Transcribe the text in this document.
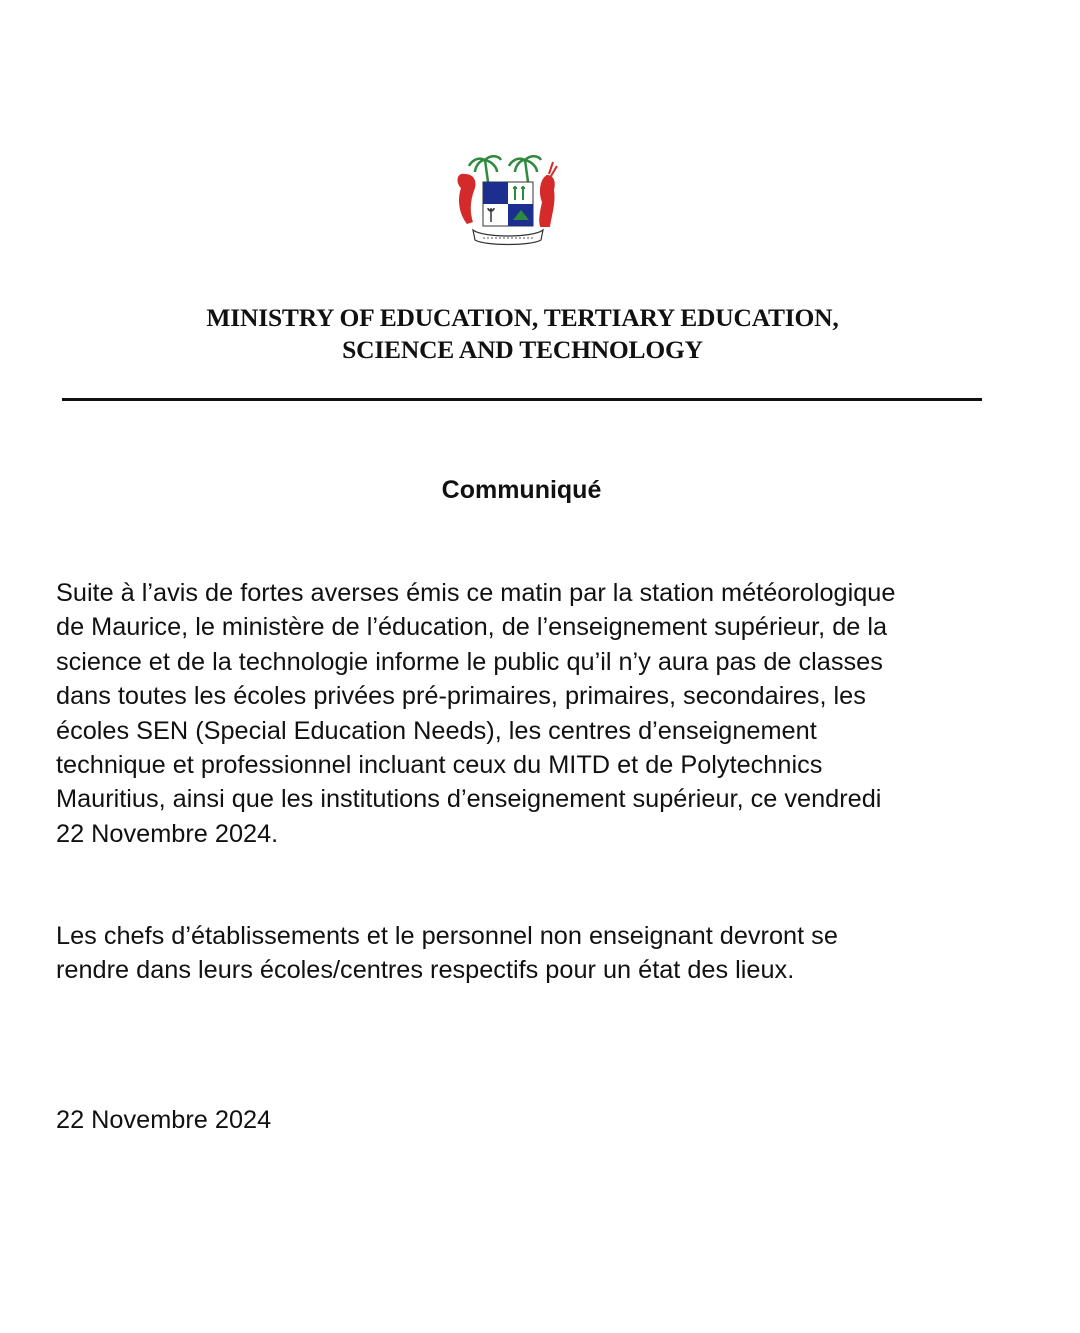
MINISTRY OF EDUCATION, TERTIARY EDUCATION,
SCIENCE AND TECHNOLOGY
Communiqué

Suite à l’avis de fortes averses émis ce matin par la station météorologique
de Maurice, le ministère de l’éducation, de l’enseignement supérieur, de la
science et de la technologie informe le public qu’il n’y aura pas de classes
dans toutes les écoles privées pré-primaires, primaires, secondaires, les
écoles SEN (Special Education Needs), les centres d’enseignement
technique et professionnel incluant ceux du MITD et de Polytechnics
Mauritius, ainsi que les institutions d’enseignement supérieur, ce vendredi
22 Novembre 2024.

Les chefs d’établissements et le personnel non enseignant devront se
rendre dans leurs écoles/centres respectifs pour un état des lieux.

22 Novembre 2024
